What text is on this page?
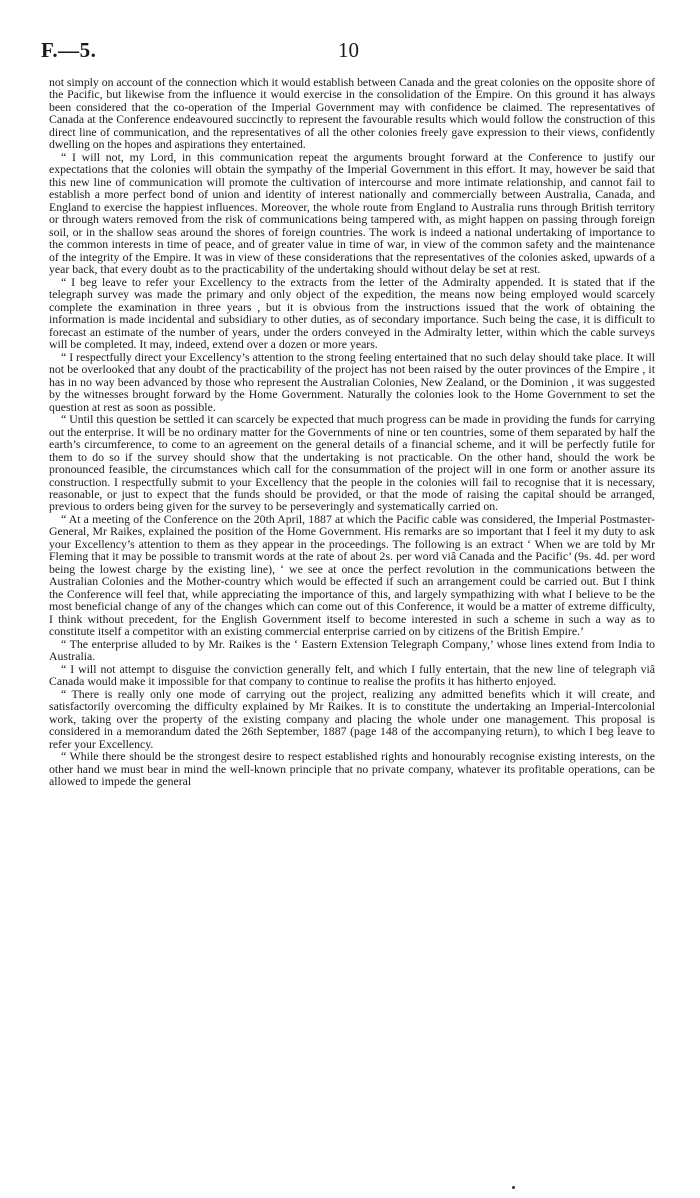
F.—5.	10

not simply on account of the connection which it would establish between Canada and the great colonies on the opposite shore of the Pacific, but likewise from the influence it would exercise in the consolidation of the Empire. On this ground it has always been considered that the co-operation of the Imperial Government may with confidence be claimed. The representatives of Canada at the Conference endeavoured succinctly to represent the favourable results which would follow the construction of this direct line of communication, and the representatives of all the other colonies freely gave expression to their views, confidently dwelling on the hopes and aspirations they entertained.

“ I will not, my Lord, in this communication repeat the arguments brought forward at the Conference to justify our expectations that the colonies will obtain the sympathy of the Imperial Government in this effort. It may, however be said that this new line of communication will promote the cultivation of intercourse and more intimate relationship, and cannot fail to establish a more perfect bond of union and identity of interest nationally and commercially between Australia, Canada, and England to exercise the happiest influences. Moreover, the whole route from England to Australia runs through British territory or through waters removed from the risk of communications being tampered with, as might happen on passing through foreign soil, or in the shallow seas around the shores of foreign countries. The work is indeed a national undertaking of importance to the common interests in time of peace, and of greater value in time of war, in view of the common safety and the maintenance of the integrity of the Empire. It was in view of these considerations that the representatives of the colonies asked, upwards of a year back, that every doubt as to the practicability of the undertaking should without delay be set at rest.

“ I beg leave to refer your Excellency to the extracts from the letter of the Admiralty appended. It is stated that if the telegraph survey was made the primary and only object of the expedition, the means now being employed would scarcely complete the examination in three years , but it is obvious from the instructions issued that the work of obtaining the information is made incidental and subsidiary to other duties, as of secondary importance. Such being the case, it is difficult to forecast an estimate of the number of years, under the orders conveyed in the Admiralty letter, within which the cable surveys will be completed. It may, indeed, extend over a dozen or more years.

“ I respectfully direct your Excellency’s attention to the strong feeling entertained that no such delay should take place. It will not be overlooked that any doubt of the practicability of the project has not been raised by the outer provinces of the Empire , it has in no way been advanced by those who represent the Australian Colonies, New Zealand, or the Dominion , it was suggested by the witnesses brought forward by the Home Government. Naturally the colonies look to the Home Government to set the question at rest as soon as possible.

“ Until this question be settled it can scarcely be expected that much progress can be made in providing the funds for carrying out the enterprise. It will be no ordinary matter for the Governments of nine or ten countries, some of them separated by half the earth’s circumference, to come to an agreement on the general details of a financial scheme, and it will be perfectly futile for them to do so if the survey should show that the undertaking is not practicable. On the other hand, should the work be pronounced feasible, the circumstances which call for the consummation of the project will in one form or another assure its construction. I respectfully submit to your Excellency that the people in the colonies will fail to recognise that it is necessary, reasonable, or just to expect that the funds should be provided, or that the mode of raising the capital should be arranged, previous to orders being given for the survey to be perseveringly and systematically carried on.

“ At a meeting of the Conference on the 20th April, 1887 at which the Pacific cable was considered, the Imperial Postmaster-General, Mr Raikes, explained the position of the Home Government. His remarks are so important that I feel it my duty to ask your Excellency’s attention to them as they appear in the proceedings. The following is an extract ‘ When we are told by Mr Fleming that it may be possible to transmit words at the rate of about 2s. per word viâ Canada and the Pacific’ (9s. 4d. per word being the lowest charge by the existing line), ‘ we see at once the perfect revolution in the communications between the Australian Colonies and the Mother-country which would be effected if such an arrangement could be carried out. But I think the Conference will feel that, while appreciating the importance of this, and largely sympathizing with what I believe to be the most beneficial change of any of the changes which can come out of this Conference, it would be a matter of extreme difficulty, I think without precedent, for the English Government itself to become interested in such a scheme in such a way as to constitute itself a competitor with an existing commercial enterprise carried on by citizens of the British Empire.’

“ The enterprise alluded to by Mr. Raikes is the ‘ Eastern Extension Telegraph Company,’ whose lines extend from India to Australia.

“ I will not attempt to disguise the conviction generally felt, and which I fully entertain, that the new line of telegraph viâ Canada would make it impossible for that company to continue to realise the profits it has hitherto enjoyed.

“ There is really only one mode of carrying out the project, realizing any admitted benefits which it will create, and satisfactorily overcoming the difficulty explained by Mr Raikes. It is to constitute the undertaking an Imperial-Intercolonial work, taking over the property of the existing company and placing the whole under one management. This proposal is considered in a memorandum dated the 26th September, 1887 (page 148 of the accompanying return), to which I beg leave to refer your Excellency.

“ While there should be the strongest desire to respect established rights and honourably recognise existing interests, on the other hand we must bear in mind the well-known principle that no private company, whatever its profitable operations, can be allowed to impede the general
